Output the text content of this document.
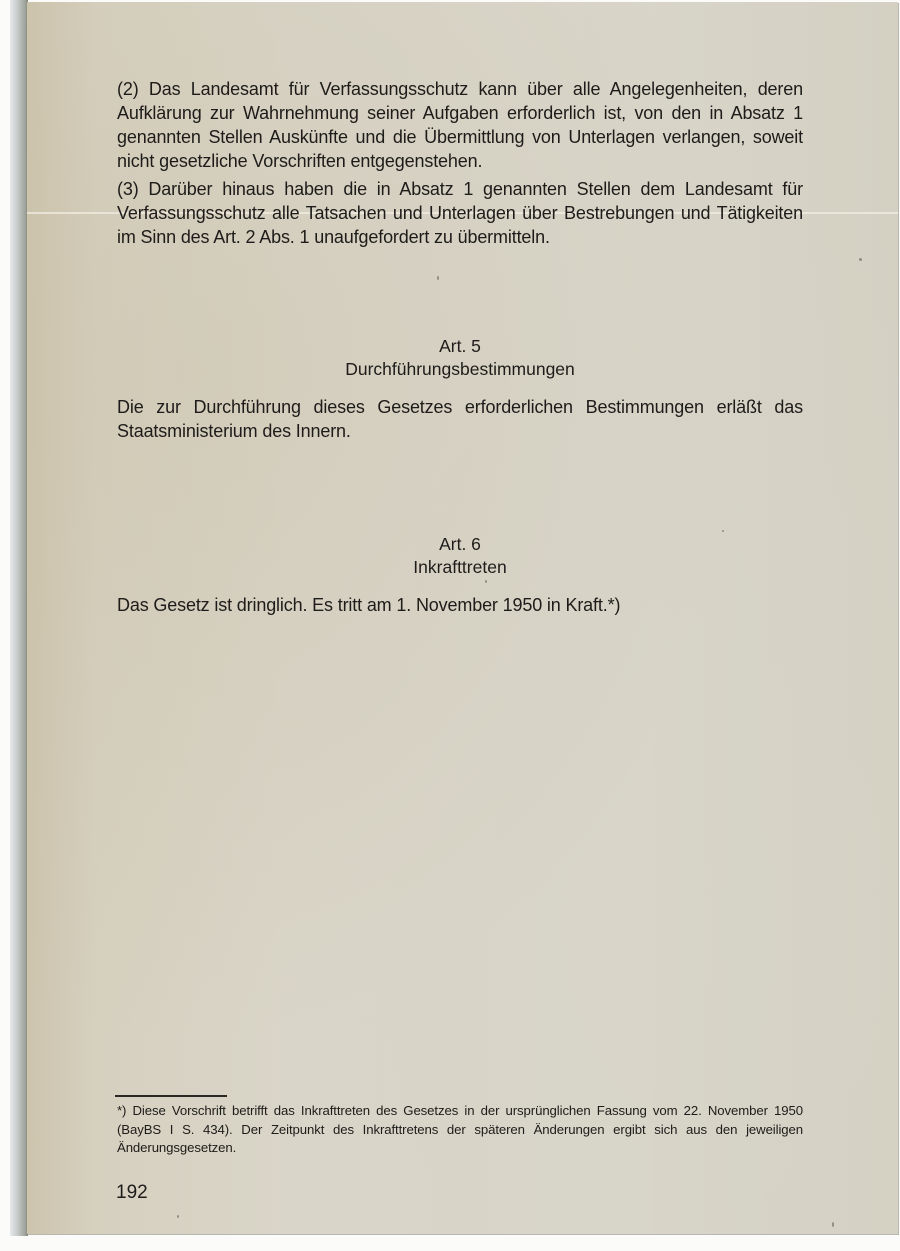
(2) Das Landesamt für Verfassungsschutz kann über alle Angelegenheiten, deren Aufklärung zur Wahrnehmung seiner Aufgaben erforderlich ist, von den in Absatz 1 genannten Stellen Auskünfte und die Übermittlung von Unterlagen verlangen, soweit nicht gesetzliche Vorschriften entgegenstehen.

(3) Darüber hinaus haben die in Absatz 1 genannten Stellen dem Landesamt für Verfassungsschutz alle Tatsachen und Unterlagen über Bestrebungen und Tätigkeiten im Sinn des Art. 2 Abs. 1 unaufgefordert zu übermitteln.

Art. 5

Durchführungsbestimmungen

Die zur Durchführung dieses Gesetzes erforderlichen Bestimmungen erläßt das Staatsministerium des Innern.

Art. 6

Inkrafttreten

Das Gesetz ist dringlich. Es tritt am 1. November 1950 in Kraft.*)

*) Diese Vorschrift betrifft das Inkrafttreten des Gesetzes in der ursprünglichen Fassung vom 22. November 1950 (BayBS I S. 434). Der Zeitpunkt des Inkrafttretens der späteren Änderungen ergibt sich aus den jeweiligen Änderungsgesetzen.

192
